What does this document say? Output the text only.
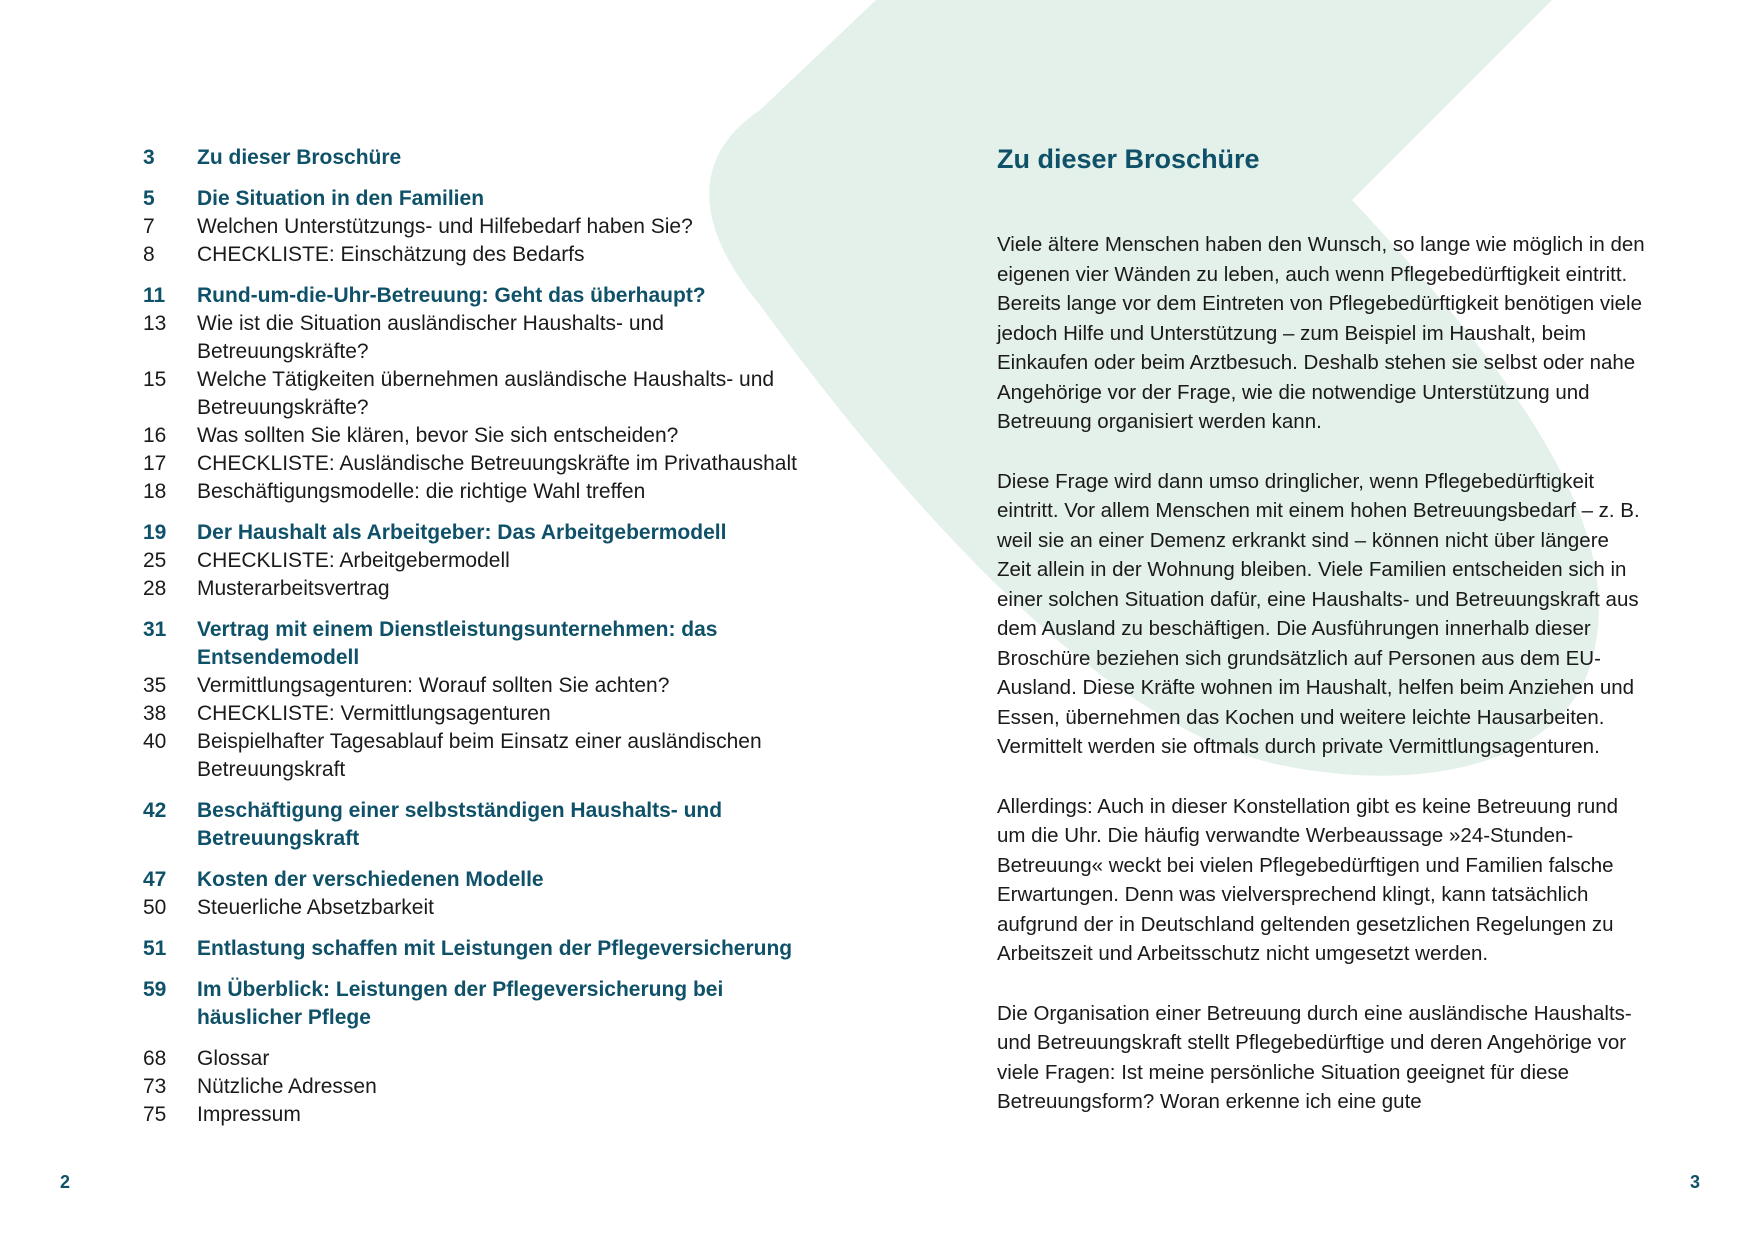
3	Zu dieser Broschüre
5	Die Situation in den Familien
7	Welchen Unterstützungs- und Hilfebedarf haben Sie?
8	CHECKLISTE: Einschätzung des Bedarfs
11	Rund-um-die-Uhr-Betreuung: Geht das überhaupt?
13	Wie ist die Situation ausländischer Haushalts- und Betreuungskräfte?
15	Welche Tätigkeiten übernehmen ausländische Haushalts- und Betreuungskräfte?
16	Was sollten Sie klären, bevor Sie sich entscheiden?
17	CHECKLISTE: Ausländische Betreuungskräfte im Privathaushalt
18	Beschäftigungsmodelle: die richtige Wahl treffen
19	Der Haushalt als Arbeitgeber: Das Arbeitgebermodell
25	CHECKLISTE: Arbeitgebermodell
28	Musterarbeitsvertrag
31	Vertrag mit einem Dienstleistungsunternehmen: das Entsendemodell
35	Vermittlungsagenturen: Worauf sollten Sie achten?
38	CHECKLISTE: Vermittlungsagenturen
40	Beispielhafter Tagesablauf beim Einsatz einer ausländischen Betreuungskraft
42	Beschäftigung einer selbstständigen Haushalts- und Betreuungskraft
47	Kosten der verschiedenen Modelle
50	Steuerliche Absetzbarkeit
51	Entlastung schaffen mit Leistungen der Pflegeversicherung
59	Im Überblick: Leistungen der Pflegeversicherung bei häuslicher Pflege
68	Glossar
73	Nützliche Adressen
75	Impressum
Zu dieser Broschüre

Viele ältere Menschen haben den Wunsch, so lange wie möglich in den eigenen vier Wänden zu leben, auch wenn Pflegebedürftigkeit eintritt. Bereits lange vor dem Eintreten von Pflegebedürftigkeit benötigen viele jedoch Hilfe und Unterstützung – zum Beispiel im Haushalt, beim Einkaufen oder beim Arztbesuch. Deshalb stehen sie selbst oder nahe Angehörige vor der Frage, wie die notwendige Unterstützung und Betreuung organisiert werden kann.

Diese Frage wird dann umso dringlicher, wenn Pflegebedürftigkeit eintritt. Vor allem Menschen mit einem hohen Betreuungsbedarf – z. B. weil sie an einer Demenz erkrankt sind – können nicht über längere Zeit allein in der Wohnung bleiben. Viele Familien entscheiden sich in einer solchen Situation dafür, eine Haushalts- und Betreuungskraft aus dem Ausland zu beschäftigen. Die Ausführungen innerhalb dieser Broschüre beziehen sich grundsätzlich auf Personen aus dem EU-Ausland. Diese Kräfte wohnen im Haushalt, helfen beim Anziehen und Essen, übernehmen das Kochen und weitere leichte Hausarbeiten. Vermittelt werden sie oftmals durch private Vermittlungsagenturen.

Allerdings: Auch in dieser Konstellation gibt es keine Betreuung rund um die Uhr. Die häufig verwandte Werbeaussage »24-Stunden-Betreuung« weckt bei vielen Pflegebedürftigen und Familien falsche Erwartungen. Denn was vielversprechend klingt, kann tatsächlich aufgrund der in Deutschland geltenden gesetzlichen Regelungen zu Arbeitszeit und Arbeitsschutz nicht umgesetzt werden.

Die Organisation einer Betreuung durch eine ausländische Haushalts- und Betreuungskraft stellt Pflegebedürftige und deren Angehörige vor viele Fragen: Ist meine persönliche Situation geeignet für diese Betreuungsform? Woran erkenne ich eine gute

2	3
